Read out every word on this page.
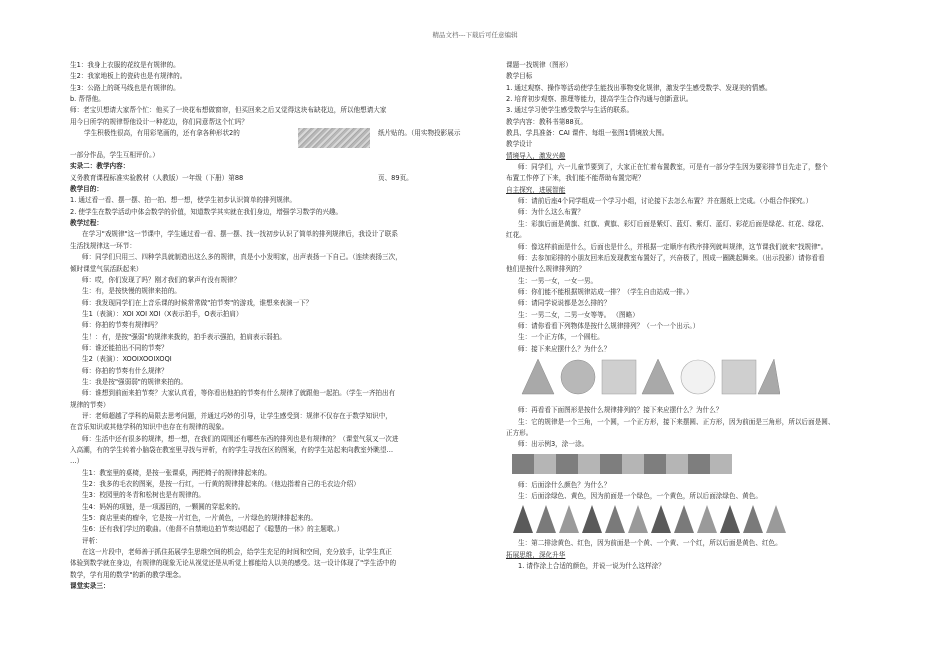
精品文档---下载后可任意编辑
生1：我身上衣服的花纹是有规律的。
生2：我家地板上的瓷砖也是有规律的。
生3：公路上的斑马线也是有规律的。
b. 帮帮他。
师：老宝贝想请大家帮个忙：他买了一块花布想做窗帘，但买回来之后又觉得这块布缺花边，所以他想请大家
用今日所学的规律帮他设计一种花边，你们同意帮这个忙吗？
学生积极性很高，有用彩笔画的，还有拿各种形状2的	纸片贴的。（用实物投影展示
一部分作品，学生互相评价。）
实录二：教学内容：
义务教育课程标准实验教材（人教版）一年级（下册）第88	页、89页。
教学目的：
1. 通过看一看、摆一摆、拍一拍、想一想，使学生初步认识简单的排列规律。
2. 使学生在数学活动中体会数学的价值，知道数学其实就在我们身边，增强学习数学的兴趣。
教学过程：
在学习"戏规律"这一节课中，学生通过看一看、摆一摆、找一找初步认识了简单的排列规律后，我设计了联系
生活找规律这一环节：
师：同学们只用三、四种学具就制造出这么多的规律，真是小小发明家，出声表扬一下自己。（连续表扬三次，
倾时课堂气氛活跃起来）
师：哎，你们发现了吗？刚才我们的掌声有没有规律？
生：有，是按快慢的规律来拍的。
师：我发现同学们在上音乐课的时候常常做"拍节奏"的游戏，谁想来表演一下？
生1（表演）：XOI XOI XOI（X表示拍手，O表示拍肩）
师：你拍的节奏有规律吗？
生！：有，是按"强弱"的规律来拨的，拍手表示强拍，拍肩表示弱拍。
师：谁还能拍出不同的节奏？
生2（表演）：XOOIXOOIXOQI
师：你拍的节奏有什么规律？
生：我是按"强弱弱"的规律来拍的。
师：谁想到前面来拍节奏？大家认真看，等你看出他拍的节奏有什么规律了就跟他一起拍。（学生一齐拍出有
规律的节奏）
评：老师超越了学科的局限去思考问题，并通过巧妙的引导，让学生感受到：规律不仅存在于数学知识中，
在音乐知识或其他学科的知识中也存在有规律的现象。
师：生活中还有很多的规律，想一想，在我们的周围还有哪些东西的排列也是有规律的？（课堂气氛又一次进
入高潮，有的学生转着小脑袋在教室里寻找与评析，有的学生寻找在区的图案，有的学生站起来向教室外眺望…
…）
生1：教室里的桌椅，是按一张课桌，两把椅子的规律排起来的。
生2：我多的毛衣的图案，是按一行红，一行黄的规律排起来的。（他边指着自己的毛衣边介绍）
生3：校园里的冬青和松树也是有规律的。
生4：妈妈的项链，是一项源回的，一颗圆的穿起来的。
生5：商店里卖的瘤伞，它是按一片红色，一片黄色，一片绿色的规律排起来的。
生6：还有我们学过的歌曲。（他督不自禁地边拍节奏边唱起了《聪慧的一休》的主题歌。）
评析：
在这一片段中，老师善于抓住拓展学生思维空间的机会，给学生充足的时间和空间，充分放手，让学生真正
体验到数学就在身边，有规律的现象无论从视觉还是从听觉上都能给人以美的感受。这一设计体现了"学生活中的
数学，学有用的数学"的新的教学理念。
课堂实录三：
课题一找规律（图形）
教学目标
1. 通过观察、操作等活动使学生能找出事物变化规律，激发学生感受数学、发现美的情感。
2. 培育初步观察、推理等能力，提高学生合作沟通与创新意识。
3. 通过学习使学生感受数学与生活的联系。
教学内容：教科书第88页。
教具、学具准备：CAI 课件、每组一张图1情境放大图。
教学设计
情境导入，激发兴趣
师：同学们，六一儿童节要到了，大家正在忙着布置教室，可是有一部分学生因为要彩排节目先走了，整个
布置工作停了下来，我们能不能帮助布置完呢？
自主探究，进展智能
师：请前后座4个同学组成一个学习小组，讨论接下去怎么布置？并在题纸上完成。（小组合作探究。）
师：为什么这么布置？
生：彩旗后面是黄旗、红旗、黄旗、彩灯后面是紫灯、蓝灯、紫灯、蓝灯、彩花后面是绿花、红花、绿花、
红花。
师：像这样前面是什么，后面也是什么，并根据一定顺序有秩序排列就叫规律，这节课我们就来"找规律"。
师：去参加彩排的小朋友回来后发现教室布置好了，兴奋极了，围成一圈跳起舞来。（出示投影）请你看看
他们是按什么规律排列的？
生：一男一女，一女一男。
师：你们能不能根据规律站成一排？（学生自由站成一排。）
师：请同学说说都是怎么排的？
生：一男二女，二男一女等等。 （图略）
师：请你看看下列物体是按什么规律排列？（一个一个出示。）
生：一个正方体，一个圆柱。
师：接下来应摆什么？为什么？
师：再看看下面图形是按什么规律排列的？接下来应摆什么？为什么？
生：它的规律是一个三角，一个圆，一个正方形，接下来摆圆、正方形，因为前面是三角形，所以后面是圆、
正方形。
师：出示例3，涂一涂。
师：后面涂什么颜色？为什么？
生：后面涂绿色、黄色，因为前面是一个绿色，一个黄色，所以后面涂绿色、黄色。
生：第二排涂黄色、红色，因为前面是一个黄、一个黄、一个红，所以后面是黄色、红色。
拓展思维，深化升华
1. 请作涂上合适的颜色，并说一说为什么这样涂？
